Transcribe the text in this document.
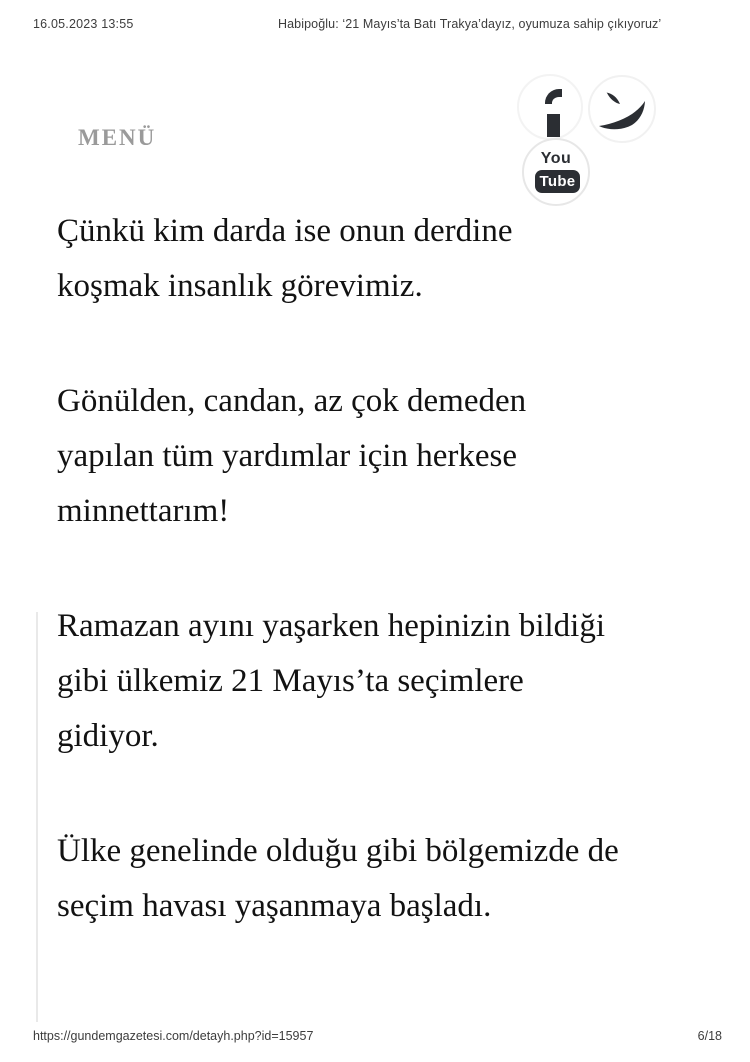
16.05.2023 13:55	Habipoğlu: ‘21 Mayıs’ta Batı Trakya’dayız, oyumuza sahip çıkıyoruz’
MENÜ
You
Tube

Çünkü kim darda ise onun derdine
koşmak insanlık görevimiz.

Gönülden, candan, az çok demeden
yapılan tüm yardımlar için herkese
minnettarım!

Ramazan ayını yaşarken hepinizin bildiği
gibi ülkemiz 21 Mayıs’ta seçimlere
gidiyor.

Ülke genelinde olduğu gibi bölgemizde de
seçim havası yaşanmaya başladı.

https://gundemgazetesi.com/detayh.php?id=15957	6/18
